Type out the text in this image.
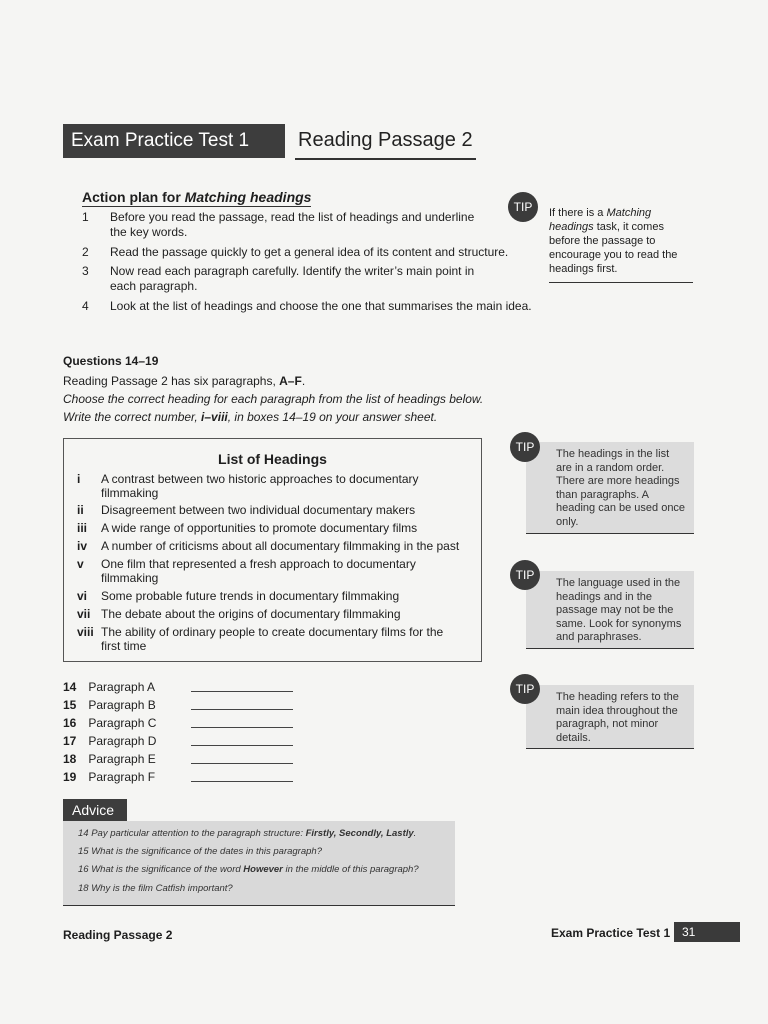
Exam Practice Test 1	Reading Passage 2
Action plan for Matching headings
1 Before you read the passage, read the list of headings and underline the key words.
2 Read the passage quickly to get a general idea of its content and structure.
3 Now read each paragraph carefully. Identify the writer’s main point in each paragraph.
4 Look at the list of headings and choose the one that summarises the main idea.
TIP	If there is a Matching headings task, it comes before the passage to encourage you to read the headings first.
Questions 14–19
Reading Passage 2 has six paragraphs, A–F.
Choose the correct heading for each paragraph from the list of headings below.
Write the correct number, i–viii, in boxes 14–19 on your answer sheet.
List of Headings
i A contrast between two historic approaches to documentary filmmaking
ii Disagreement between two individual documentary makers
iii A wide range of opportunities to promote documentary films
iv A number of criticisms about all documentary filmmaking in the past
v One film that represented a fresh approach to documentary filmmaking
vi Some probable future trends in documentary filmmaking
vii The debate about the origins of documentary filmmaking
viii The ability of ordinary people to create documentary films for the first time
14 Paragraph A
15 Paragraph B
16 Paragraph C
17 Paragraph D
18 Paragraph E
19 Paragraph F
The headings in the list are in a random order. There are more headings than paragraphs. A heading can be used once only.
TIP
The language used in the headings and in the passage may not be the same. Look for synonyms and paraphrases.
TIP
The heading refers to the main idea throughout the paragraph, not minor details.
TIP
Advice
14 Pay particular attention to the paragraph structure: Firstly, Secondly, Lastly.
15 What is the significance of the dates in this paragraph?
16 What is the significance of the word However in the middle of this paragraph?
18 Why is the film Catfish important?
Reading Passage 2	Exam Practice Test 1 31
